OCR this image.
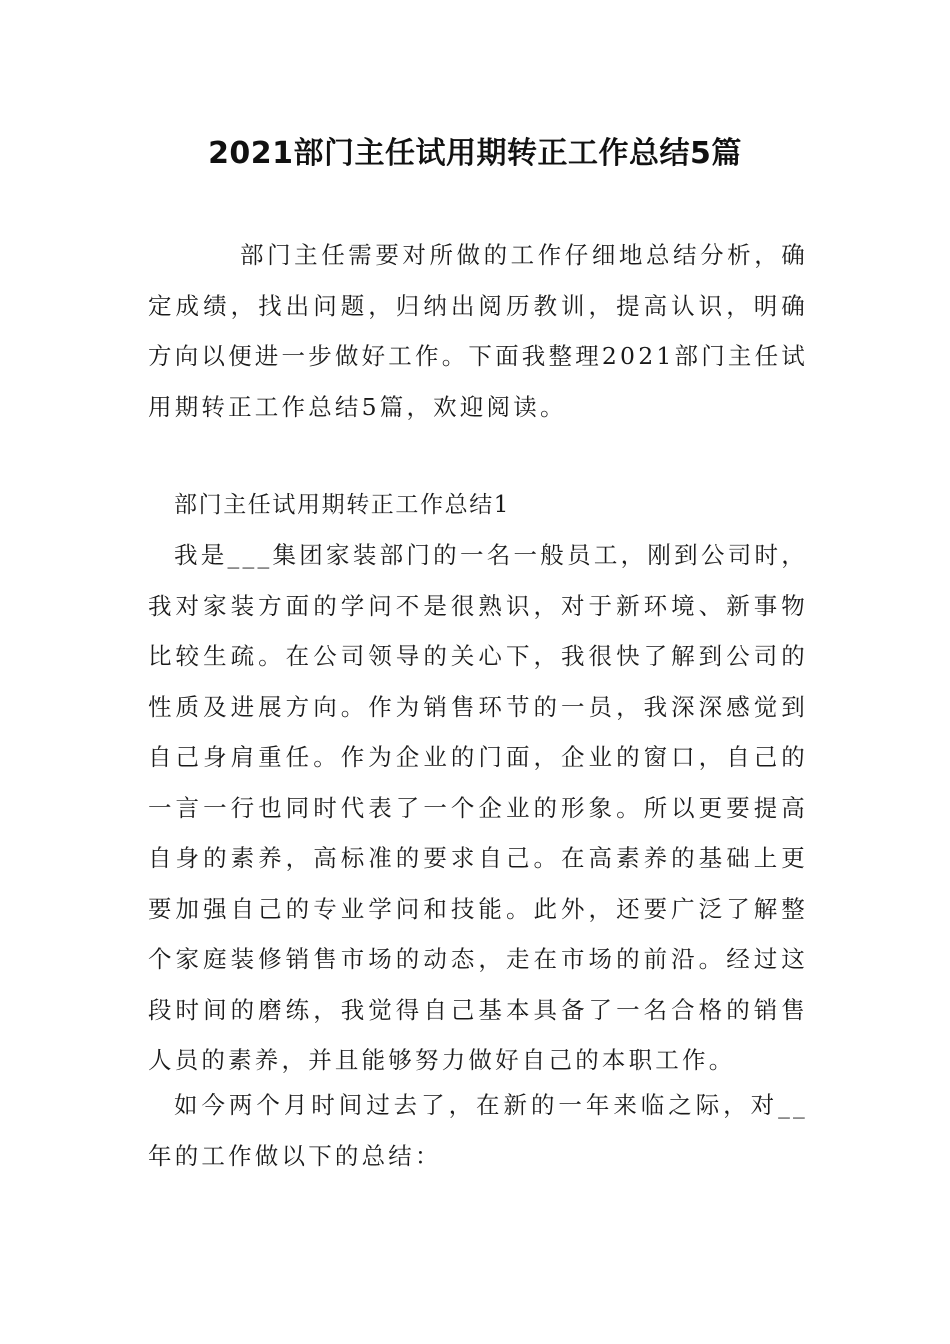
2021部门主任试用期转正工作总结5篇

部门主任需要对所做的工作仔细地总结分析，确定成绩，找出问题，归纳出阅历教训，提高认识，明确方向以便进一步做好工作。下面我整理2021部门主任试用期转正工作总结5篇，欢迎阅读。

部门主任试用期转正工作总结1

我是___集团家装部门的一名一般员工，刚到公司时，我对家装方面的学问不是很熟识，对于新环境、新事物比较生疏。在公司领导的关心下，我很快了解到公司的性质及进展方向。作为销售环节的一员，我深深感觉到自己身肩重任。作为企业的门面，企业的窗口，自己的一言一行也同时代表了一个企业的形象。所以更要提高自身的素养，高标准的要求自己。在高素养的基础上更要加强自己的专业学问和技能。此外，还要广泛了解整个家庭装修销售市场的动态，走在市场的前沿。经过这段时间的磨练，我觉得自己基本具备了一名合格的销售人员的素养，并且能够努力做好自己的本职工作。

如今两个月时间过去了，在新的一年来临之际，对__年的工作做以下的总结：
